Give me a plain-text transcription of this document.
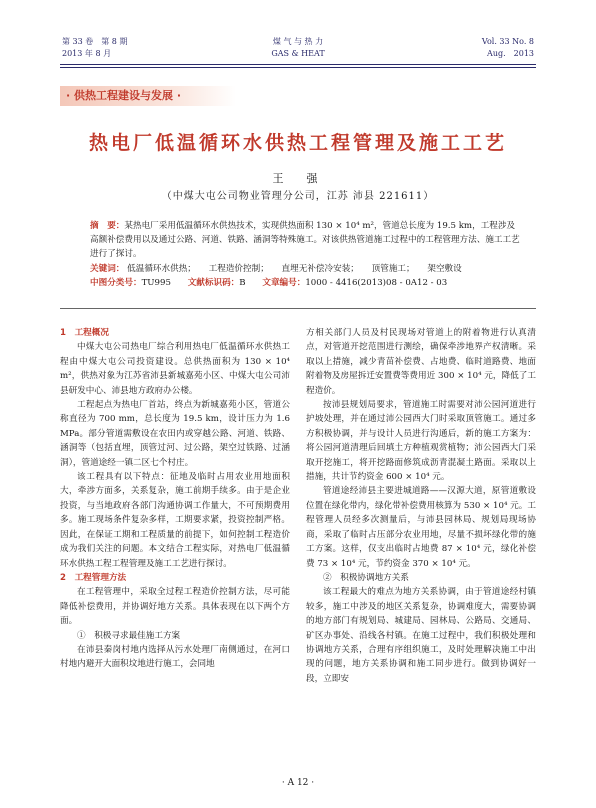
第 33 卷　第 8 期
2013 年 8 月
煤 气 与 热 力
GAS & HEAT
Vol. 33 No. 8
Aug.　2013
· 供热工程建设与发展 ·
热电厂低温循环水供热工程管理及施工工艺
王　强
（中煤大屯公司物业管理分公司，江苏 沛县 221611）
摘　要：某热电厂采用低温循环水供热技术，实现供热面积 130 × 10⁴ m²，管道总长度为 19.5 km，工程涉及高额补偿费用以及通过公路、河道、铁路、涵洞等特殊施工。对该供热管道施工过程中的工程管理方法、施工工艺进行了探讨。
关键词： 低温循环水供热； 工程造价控制； 直埋无补偿冷安装； 顶管施工； 架空敷设
中图分类号：TU995 文献标识码：B 文章编号：1000 - 4416(2013)08 - 0A12 - 03

1　工程概况

中煤大屯公司热电厂综合利用热电厂低温循环水供热工程由中煤大屯公司投资建设。总供热面积为 130 × 10⁴ m²，供热对象为江苏省沛县新城嘉苑小区、中煤大屯公司沛县研发中心、沛县地方政府办公楼。

工程起点为热电厂首站，终点为新城嘉苑小区，管道公称直径为 700 mm，总长度为 19.5 km，设计压力为 1.6 MPa。部分管道需敷设在农田内或穿越公路、河道、铁路、涵洞等（包括直埋，顶管过河、过公路，架空过铁路、过涵洞），管道途经一镇二区七个村庄。

该工程具有以下特点：征地及临时占用农业用地面积大，牵涉方面多，关系复杂，施工前期手续多。由于是企业投资，与当地政府各部门沟通协调工作量大，不可预期费用多。施工现场条件复杂多样，工期要求紧，投资控制严格。因此，在保证工期和工程质量的前提下，如何控制工程造价成为我们关注的问题。本文结合工程实际，对热电厂低温循环水供热工程工程管理及施工工艺进行探讨。

2　工程管理方法

在工程管理中，采取全过程工程造价控制方法，尽可能降低补偿费用，并协调好地方关系。具体表现在以下两个方面。

①　积极寻求最佳施工方案

在沛县秦岗村地内选择从污水处理厂南侧通过，在河口村地内避开大面积坟地进行施工，会同地

方相关部门人员及村民现场对管道上的附着物进行认真清点，对管道开挖范围进行测绘，确保牵涉地界产权清晰。采取以上措施，减少青苗补偿费、占地费、临时道路费、地面附着物及房屋拆迁安置费等费用近 300 × 10⁴ 元，降低了工程造价。

按沛县规划局要求，管道施工时需要对沛公园河道进行护坡处理，并在通过沛公园西大门时采取顶管施工。通过多方积极协调，并与设计人员进行沟通后，新的施工方案为：将公园河道清理后回填土方种植观赏植物；沛公园西大门采取开挖施工，将开挖路面修筑成沥青混凝土路面。采取以上措施，共计节约资金 600 × 10⁴ 元。

管道途经沛县主要进城道路——汉源大道，原管道敷设位置在绿化带内，绿化带补偿费用核算为 530 × 10⁴ 元。工程管理人员经多次测量后，与沛县园林局、规划局现场协商，采取了临时占压部分农业用地，尽量不损坏绿化带的施工方案。这样，仅支出临时占地费 87 × 10⁴ 元，绿化补偿费 73 × 10⁴ 元，节约资金 370 × 10⁴ 元。

②　积极协调地方关系

该工程最大的难点为地方关系协调，由于管道途经村镇较多，施工中涉及的地区关系复杂，协调难度大，需要协调的地方部门有规划局、城建局、园林局、公路局、交通局、矿区办事处、沿线各村镇。在施工过程中，我们积极处理和协调地方关系，合理有序组织施工，及时处理解决施工中出现的问题，地方关系协调和施工同步进行。做到协调好一段，立即安

· A 12 ·
